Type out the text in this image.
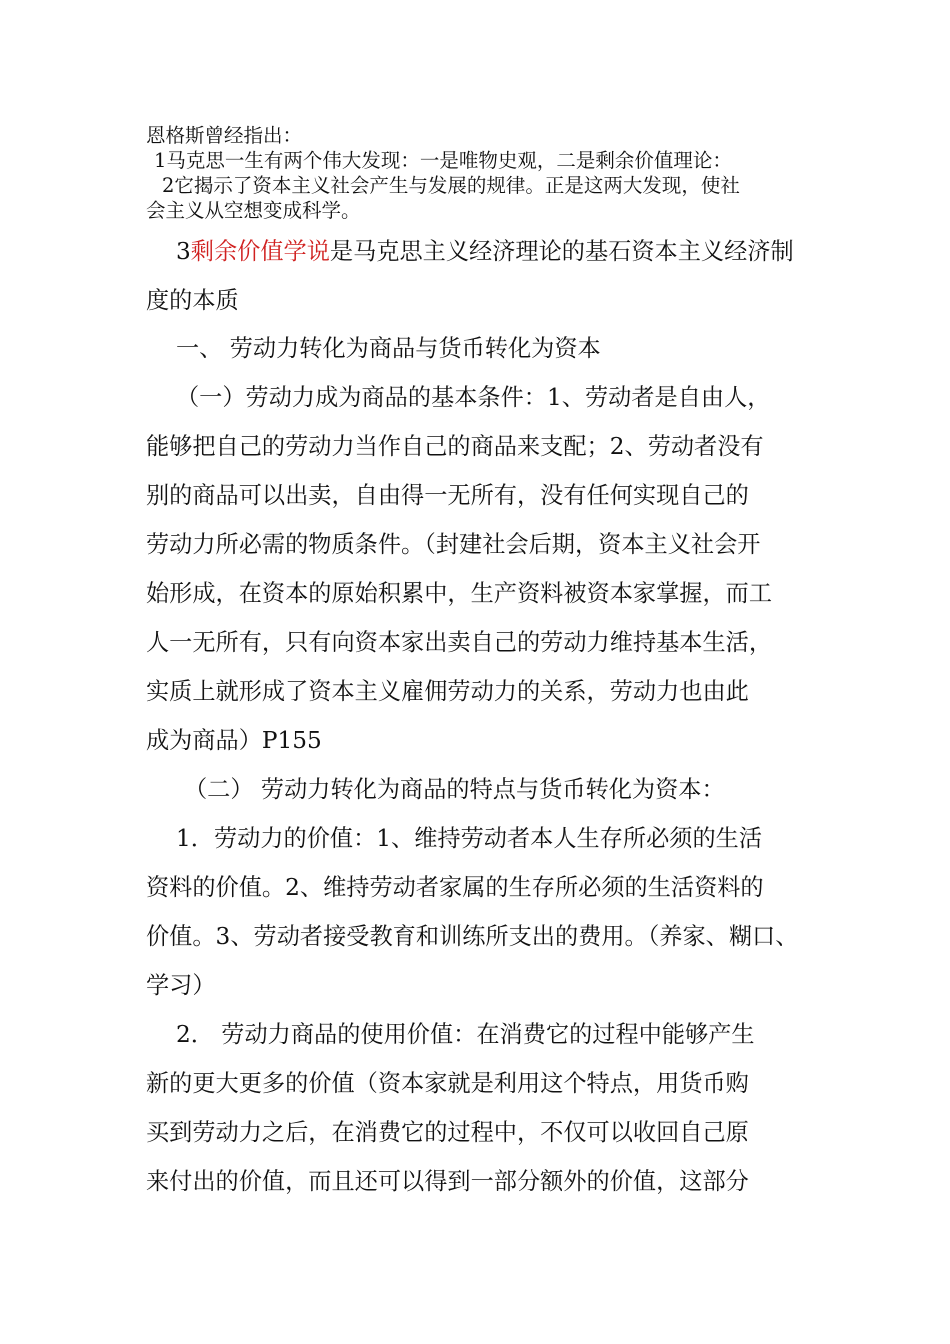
恩格斯曾经指出：

1马克思一生有两个伟大发现：一是唯物史观，二是剩余价值理论：

2它揭示了资本主义社会产生与发展的规律。正是这两大发现，使社

会主义从空想变成科学。

3剩余价值学说是马克思主义经济理论的基石资本主义经济制

度的本质

一、 劳动力转化为商品与货币转化为资本

（一）劳动力成为商品的基本条件：1、劳动者是自由人，

能够把自己的劳动力当作自己的商品来支配；2、劳动者没有

别的商品可以出卖，自由得一无所有，没有任何实现自己的

劳动力所必需的物质条件。（封建社会后期，资本主义社会开

始形成，在资本的原始积累中，生产资料被资本家掌握，而工

人一无所有，只有向资本家出卖自己的劳动力维持基本生活，

实质上就形成了资本主义雇佣劳动力的关系，劳动力也由此

成为商品）P155

（二） 劳动力转化为商品的特点与货币转化为资本：

1．劳动力的价值：1、维持劳动者本人生存所必须的生活

资料的价值。2、维持劳动者家属的生存所必须的生活资料的

价值。3、劳动者接受教育和训练所支出的费用。（养家、糊口、

学习）

2． 劳动力商品的使用价值：在消费它的过程中能够产生

新的更大更多的价值（资本家就是利用这个特点，用货币购

买到劳动力之后，在消费它的过程中，不仅可以收回自己原

来付出的价值，而且还可以得到一部分额外的价值，这部分
